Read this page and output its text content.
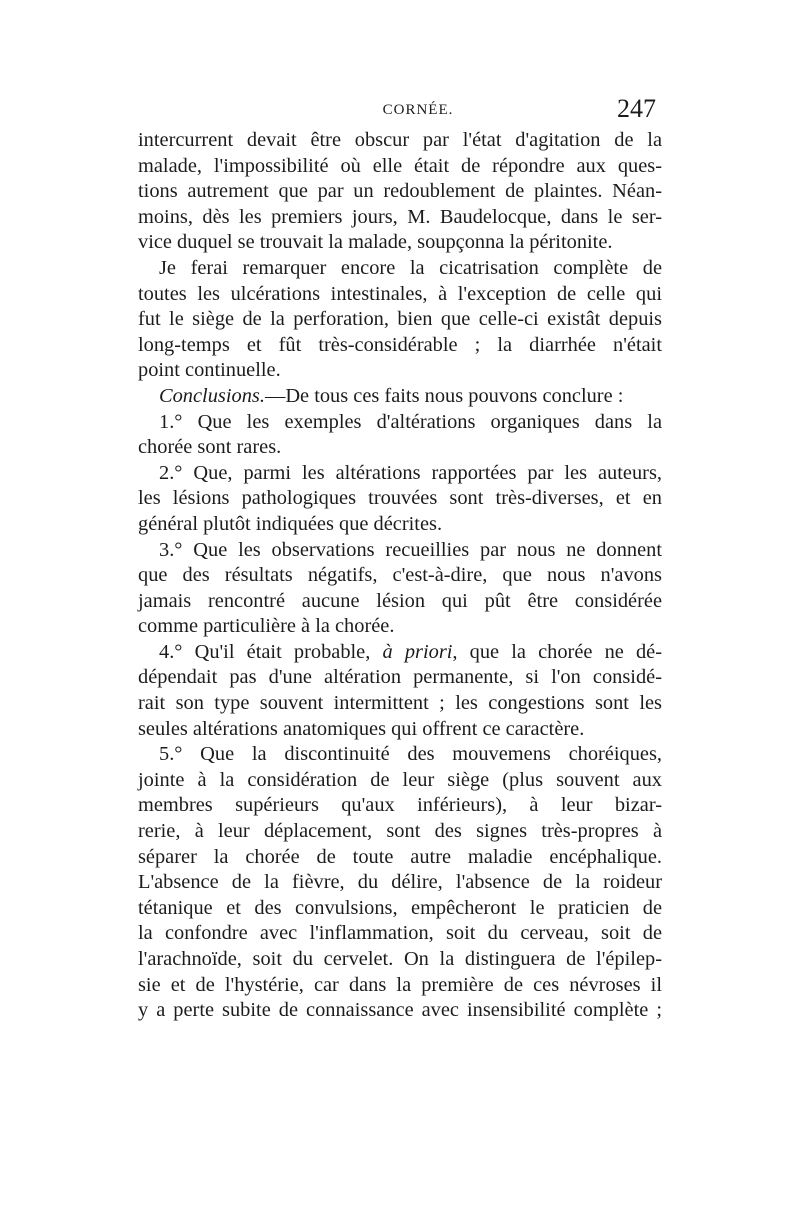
CORNÉE.	247

intercurrent devait être obscur par l'état d'agitation de la
malade, l'impossibilité où elle était de répondre aux ques-
tions autrement que par un redoublement de plaintes. Néan-
moins, dès les premiers jours, M. Baudelocque, dans le ser-
vice duquel se trouvait la malade, soupçonna la péritonite.

Je ferai remarquer encore la cicatrisation complète de
toutes les ulcérations intestinales, à l'exception de celle qui
fut le siège de la perforation, bien que celle-ci existât depuis
long-temps et fût très-considérable ; la diarrhée n'était
point continuelle.

Conclusions.—De tous ces faits nous pouvons conclure :

1.° Que les exemples d'altérations organiques dans la
chorée sont rares.

2.° Que, parmi les altérations rapportées par les auteurs,
les lésions pathologiques trouvées sont très-diverses, et en
général plutôt indiquées que décrites.

3.° Que les observations recueillies par nous ne donnent
que des résultats négatifs, c'est-à-dire, que nous n'avons
jamais rencontré aucune lésion qui pût être considérée
comme particulière à la chorée.

4.° Qu'il était probable, à priori, que la chorée ne dé-
dépendait pas d'une altération permanente, si l'on considé-
rait son type souvent intermittent ; les congestions sont les
seules altérations anatomiques qui offrent ce caractère.

5.° Que la discontinuité des mouvemens choréiques,
jointe à la considération de leur siège (plus souvent aux
membres supérieurs qu'aux inférieurs), à leur bizar-
rerie, à leur déplacement, sont des signes très-propres à
séparer la chorée de toute autre maladie encéphalique.
L'absence de la fièvre, du délire, l'absence de la roideur
tétanique et des convulsions, empêcheront le praticien de
la confondre avec l'inflammation, soit du cerveau, soit de
l'arachnoïde, soit du cervelet. On la distinguera de l'épilep-
sie et de l'hystérie, car dans la première de ces névroses il
y a perte subite de connaissance avec insensibilité complète ;
